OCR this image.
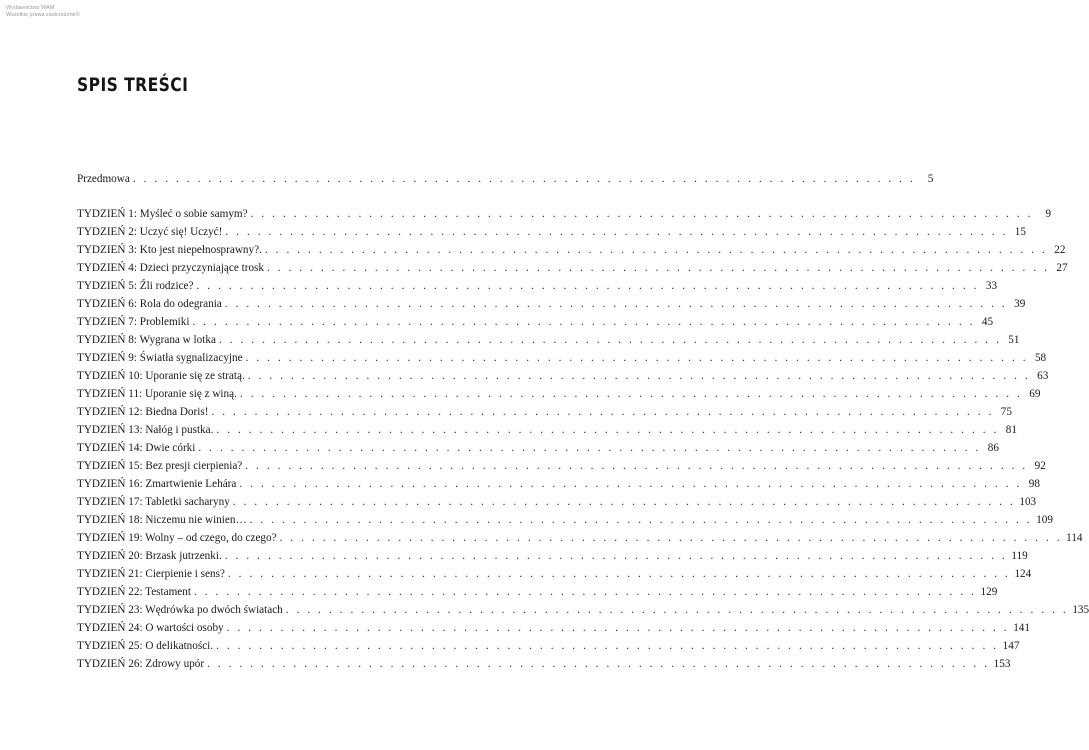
Wydawnictwo WAM
Wszelkie prawa zastrzeżone©
SPIS TREŚCI
Przedmowa . . . . . . . . . . . . . . . . . . . . . . . . . . . . . . . . . . . . . . . . . . . . . . . . . . . . . . . . . . . . . . . . . . . . . . . . .	5
TYDZIEŃ 1: Myśleć o sobie samym? . . . . . . . . . . . . . . . . . . . . . . . . . . . . . . . . . . . . . . . . . . . . . . . . . . . . . . . . . . . . . . . . . . . . . . . . .	9
TYDZIEŃ 2: Uczyć się! Uczyć! . . . . . . . . . . . . . . . . . . . . . . . . . . . . . . . . . . . . . . . . . . . . . . . . . . . . . . . . . . . . . . . . . . . . . . . . . 15
TYDZIEŃ 3: Kto jest niepełnosprawny?. . . . . . . . . . . . . . . . . . . . . . . . . . . . . . . . . . . . . . . . . . . . . . . . . . . . . . . . . . . . . . . . . . . . . . . . . . 22
TYDZIEŃ 4: Dzieci przyczyniające trosk . . . . . . . . . . . . . . . . . . . . . . . . . . . . . . . . . . . . . . . . . . . . . . . . . . . . . . . . . . . . . . . . . . . . . . . . . 27
TYDZIEŃ 5: Źli rodzice? . . . . . . . . . . . . . . . . . . . . . . . . . . . . . . . . . . . . . . . . . . . . . . . . . . . . . . . . . . . . . . . . . . . . . . . . . 33
TYDZIEŃ 6: Rola do odegrania . . . . . . . . . . . . . . . . . . . . . . . . . . . . . . . . . . . . . . . . . . . . . . . . . . . . . . . . . . . . . . . . . . . . . . . . . 39
TYDZIEŃ 7: Problemiki . . . . . . . . . . . . . . . . . . . . . . . . . . . . . . . . . . . . . . . . . . . . . . . . . . . . . . . . . . . . . . . . . . . . . . . . . 45
TYDZIEŃ 8: Wygrana w lotka . . . . . . . . . . . . . . . . . . . . . . . . . . . . . . . . . . . . . . . . . . . . . . . . . . . . . . . . . . . . . . . . . . . . . . . . . 51
TYDZIEŃ 9: Światła sygnalizacyjne . . . . . . . . . . . . . . . . . . . . . . . . . . . . . . . . . . . . . . . . . . . . . . . . . . . . . . . . . . . . . . . . . . . . . . . . . 58
TYDZIEŃ 10: Uporanie się ze stratą. . . . . . . . . . . . . . . . . . . . . . . . . . . . . . . . . . . . . . . . . . . . . . . . . . . . . . . . . . . . . . . . . . . . . . . . . . 63
TYDZIEŃ 11: Uporanie się z winą. . . . . . . . . . . . . . . . . . . . . . . . . . . . . . . . . . . . . . . . . . . . . . . . . . . . . . . . . . . . . . . . . . . . . . . . . . 69
TYDZIEŃ 12: Biedna Doris! . . . . . . . . . . . . . . . . . . . . . . . . . . . . . . . . . . . . . . . . . . . . . . . . . . . . . . . . . . . . . . . . . . . . . . . . . 75
TYDZIEŃ 13: Nałóg i pustka. . . . . . . . . . . . . . . . . . . . . . . . . . . . . . . . . . . . . . . . . . . . . . . . . . . . . . . . . . . . . . . . . . . . . . . . . . 81
TYDZIEŃ 14: Dwie córki . . . . . . . . . . . . . . . . . . . . . . . . . . . . . . . . . . . . . . . . . . . . . . . . . . . . . . . . . . . . . . . . . . . . . . . . . 86
TYDZIEŃ 15: Bez presji cierpienia? . . . . . . . . . . . . . . . . . . . . . . . . . . . . . . . . . . . . . . . . . . . . . . . . . . . . . . . . . . . . . . . . . . . . . . . . . 92
TYDZIEŃ 16: Zmartwienie Lehára . . . . . . . . . . . . . . . . . . . . . . . . . . . . . . . . . . . . . . . . . . . . . . . . . . . . . . . . . . . . . . . . . . . . . . . . . 98
TYDZIEŃ 17: Tabletki sacharyny . . . . . . . . . . . . . . . . . . . . . . . . . . . . . . . . . . . . . . . . . . . . . . . . . . . . . . . . . . . . . . . . . . . . . . . . . 103
TYDZIEŃ 18: Niczemu nie winien… . . . . . . . . . . . . . . . . . . . . . . . . . . . . . . . . . . . . . . . . . . . . . . . . . . . . . . . . . . . . . . . . . . . . . . . . . 109
TYDZIEŃ 19: Wolny – od czego, do czego? . . . . . . . . . . . . . . . . . . . . . . . . . . . . . . . . . . . . . . . . . . . . . . . . . . . . . . . . . . . . . . . . . . . . . . . . . 114
TYDZIEŃ 20: Brzask jutrzenki. . . . . . . . . . . . . . . . . . . . . . . . . . . . . . . . . . . . . . . . . . . . . . . . . . . . . . . . . . . . . . . . . . . . . . . . . . 119
TYDZIEŃ 21: Cierpienie i sens? . . . . . . . . . . . . . . . . . . . . . . . . . . . . . . . . . . . . . . . . . . . . . . . . . . . . . . . . . . . . . . . . . . . . . . . . . 124
TYDZIEŃ 22: Testament . . . . . . . . . . . . . . . . . . . . . . . . . . . . . . . . . . . . . . . . . . . . . . . . . . . . . . . . . . . . . . . . . . . . . . . . . 129
TYDZIEŃ 23: Wędrówka po dwóch światach . . . . . . . . . . . . . . . . . . . . . . . . . . . . . . . . . . . . . . . . . . . . . . . . . . . . . . . . . . . . . . . . . . . . . . . . . 135
TYDZIEŃ 24: O wartości osoby . . . . . . . . . . . . . . . . . . . . . . . . . . . . . . . . . . . . . . . . . . . . . . . . . . . . . . . . . . . . . . . . . . . . . . . . . 141
TYDZIEŃ 25: O delikatności. . . . . . . . . . . . . . . . . . . . . . . . . . . . . . . . . . . . . . . . . . . . . . . . . . . . . . . . . . . . . . . . . . . . . . . . . . 147
TYDZIEŃ 26: Zdrowy upór . . . . . . . . . . . . . . . . . . . . . . . . . . . . . . . . . . . . . . . . . . . . . . . . . . . . . . . . . . . . . . . . . . . . . . . . . 153
